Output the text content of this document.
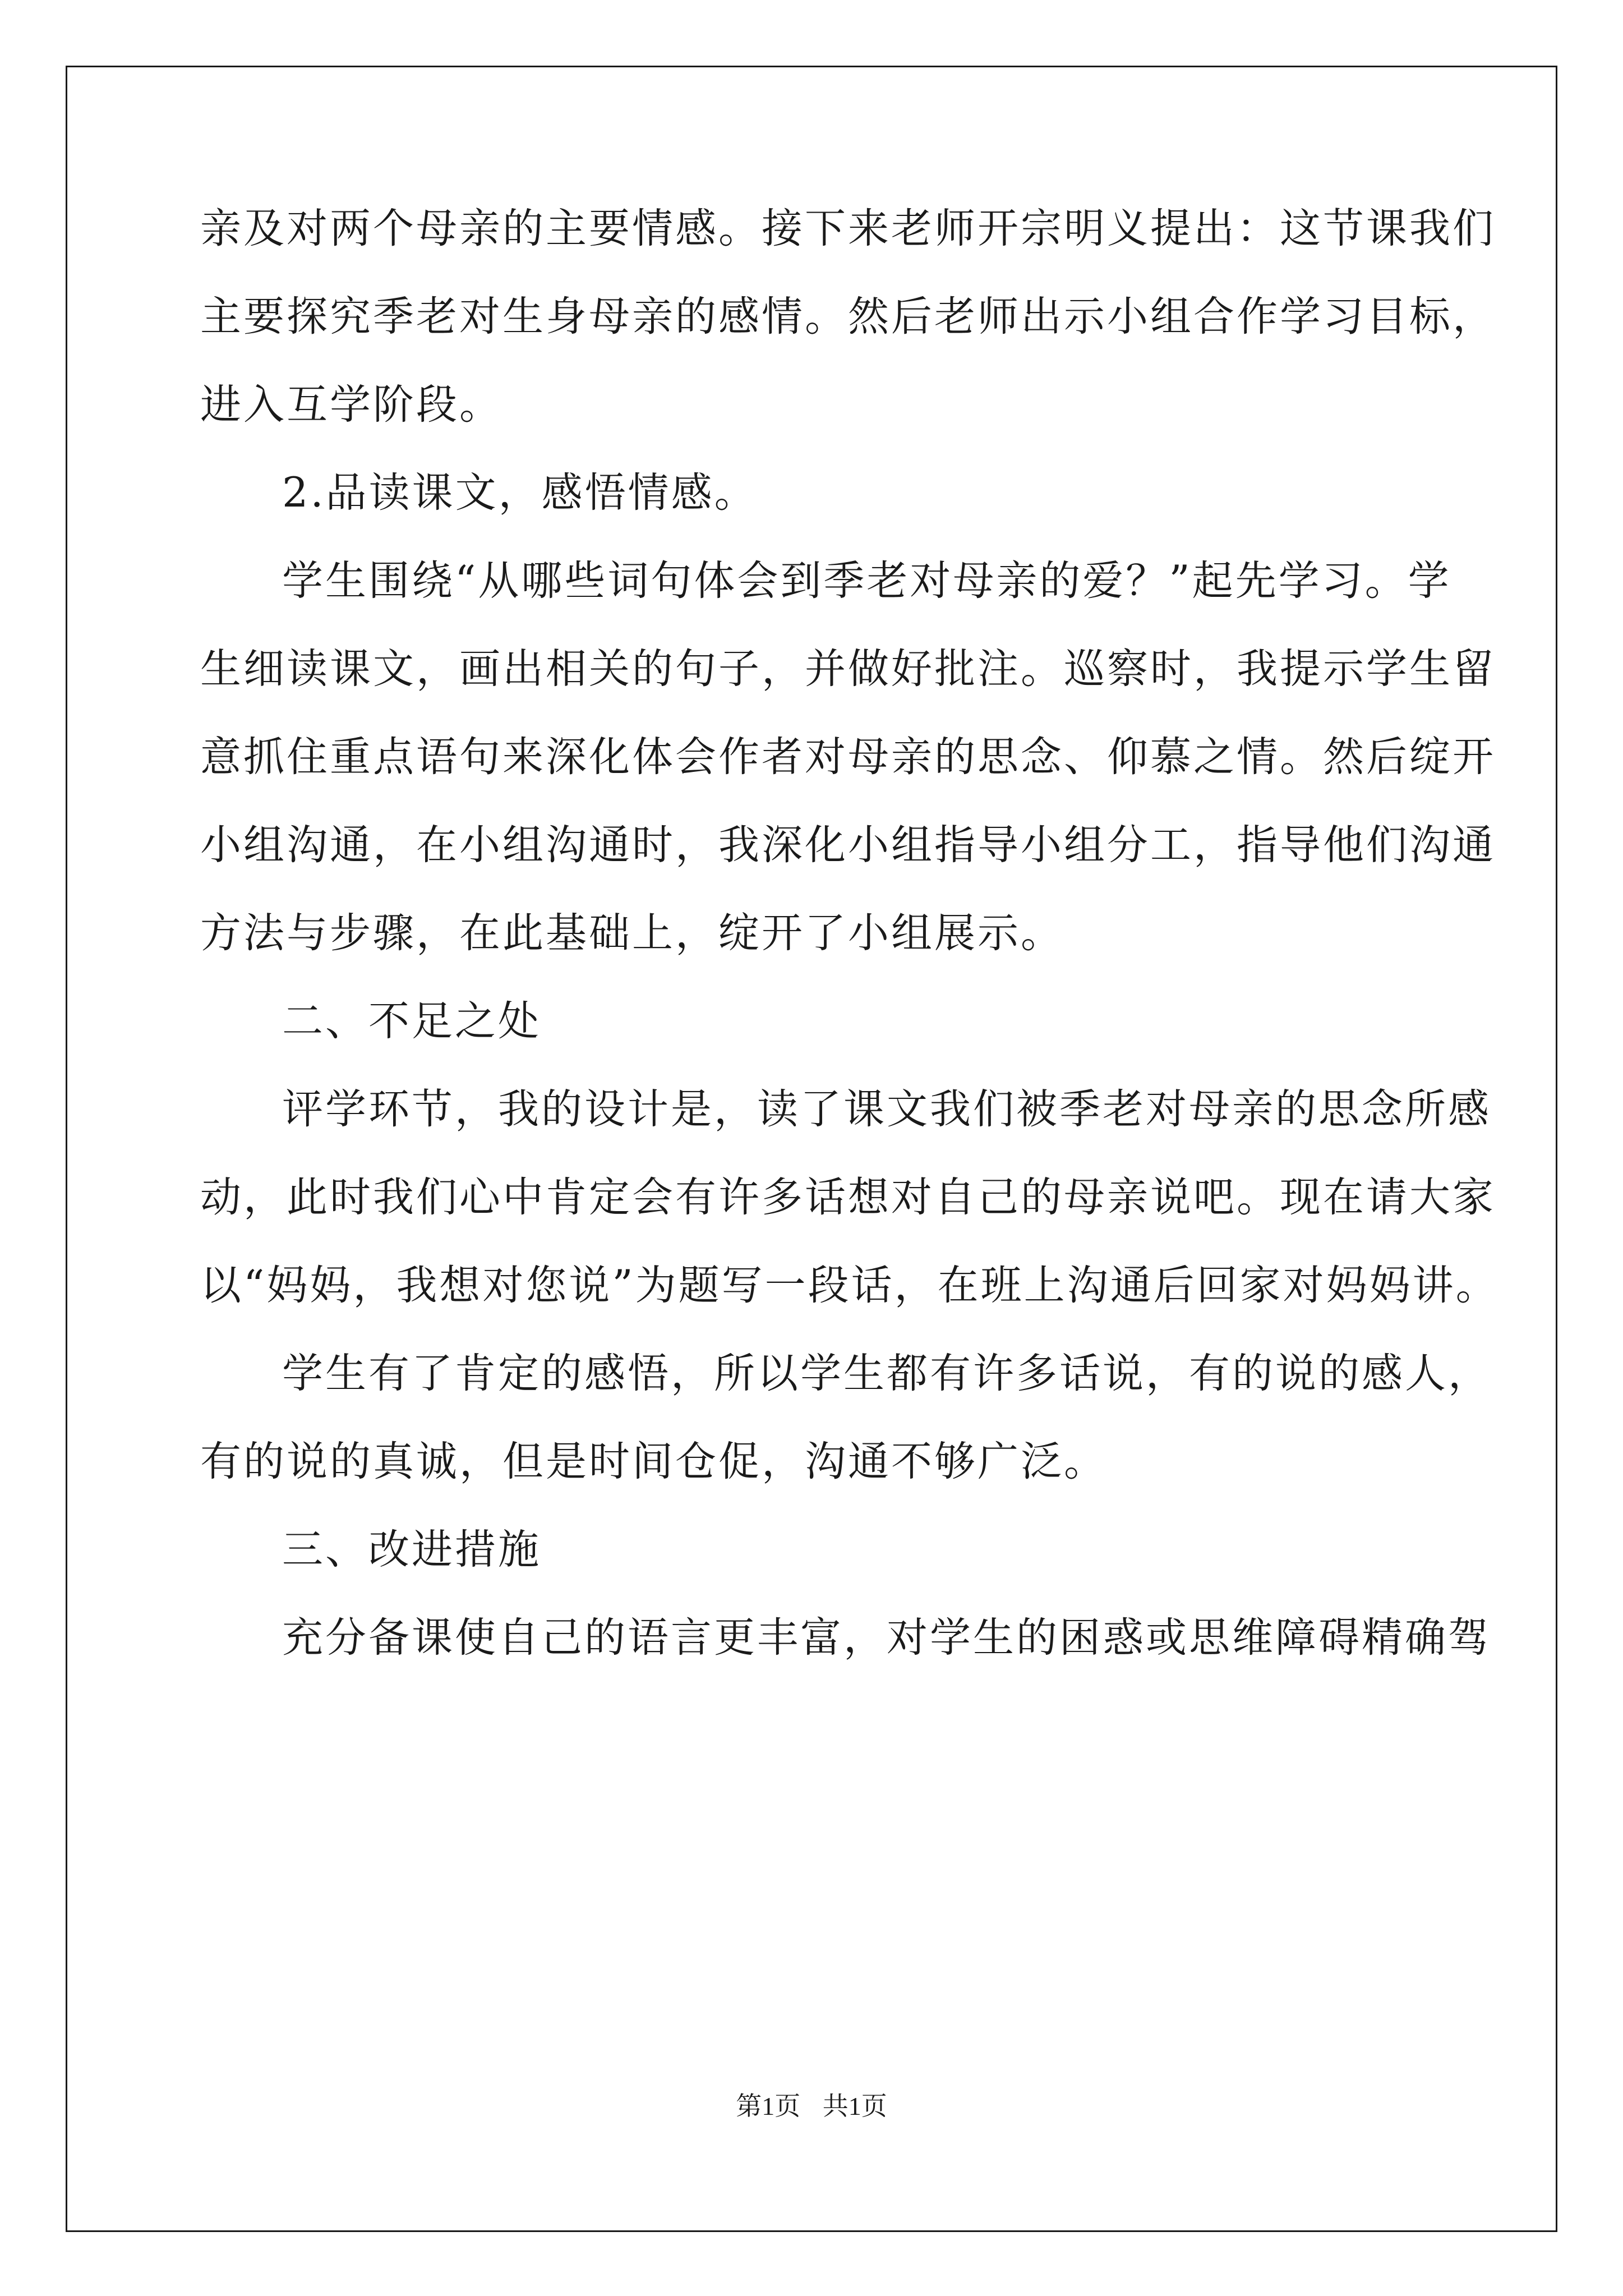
亲及对两个母亲的主要情感。接下来老师开宗明义提出：这节课我们
主要探究季老对生身母亲的感情。然后老师出示小组合作学习目标，
进入互学阶段。
2.品读课文，感悟情感。
学生围绕“从哪些词句体会到季老对母亲的爱？”起先学习。学
生细读课文，画出相关的句子，并做好批注。巡察时，我提示学生留
意抓住重点语句来深化体会作者对母亲的思念、仰慕之情。然后绽开
小组沟通，在小组沟通时，我深化小组指导小组分工，指导他们沟通
方法与步骤，在此基础上，绽开了小组展示。
二、不足之处
评学环节，我的设计是，读了课文我们被季老对母亲的思念所感
动，此时我们心中肯定会有许多话想对自己的母亲说吧。现在请大家
以“妈妈，我想对您说”为题写一段话，在班上沟通后回家对妈妈讲。
学生有了肯定的感悟，所以学生都有许多话说，有的说的感人，
有的说的真诚，但是时间仓促，沟通不够广泛。
三、改进措施
充分备课使自己的语言更丰富，对学生的困惑或思维障碍精确驾
第1页 共1页
